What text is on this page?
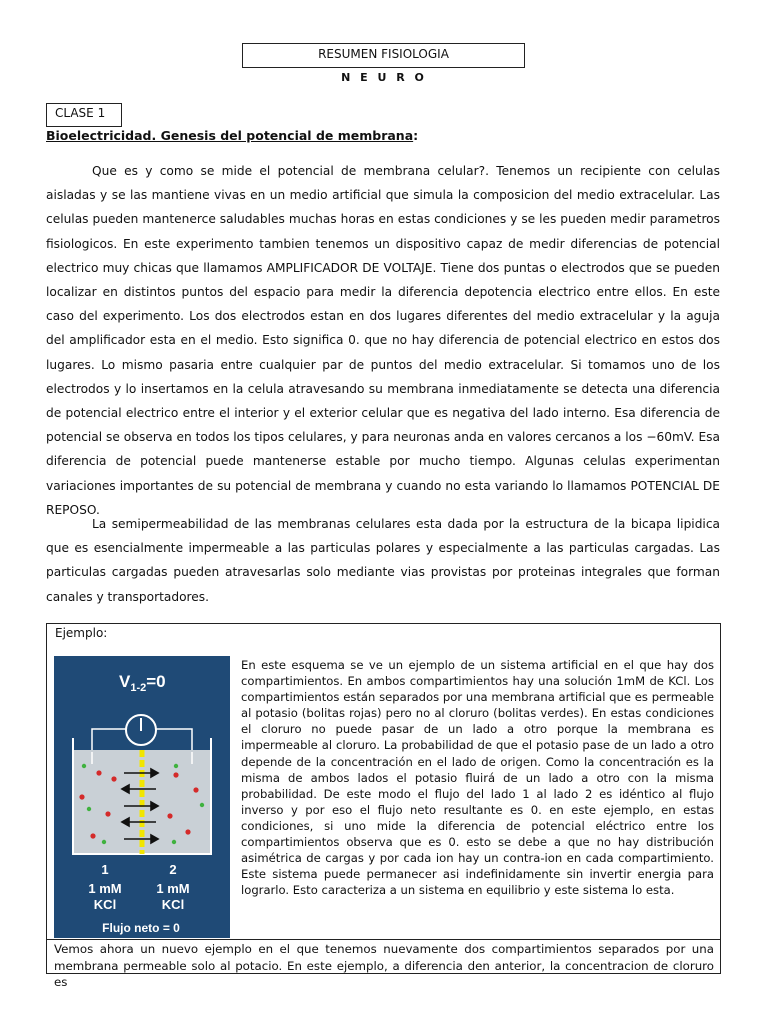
RESUMEN FISIOLOGIA
N E U R O
CLASE 1
Bioelectricidad. Genesis del potencial de membrana:

Que es y como se mide el potencial de membrana celular?. Tenemos un recipiente con celulas aisladas y se las mantiene vivas en un medio artificial que simula la composicion del medio extracelular. Las celulas pueden mantenerce saludables muchas horas en estas condiciones y se les pueden medir parametros fisiologicos. En este experimento tambien tenemos un dispositivo capaz de medir diferencias de potencial electrico muy chicas que llamamos AMPLIFICADOR DE VOLTAJE. Tiene dos puntas o electrodos que se pueden localizar en distintos puntos del espacio para medir la diferencia depotencia electrico entre ellos. En este caso del experimento. Los dos electrodos estan en dos lugares diferentes del medio extracelular y la aguja del amplificador esta en el medio. Esto significa 0. que no hay diferencia de potencial electrico en estos dos lugares. Lo mismo pasaria entre cualquier par de puntos del medio extracelular. Si tomamos uno de los electrodos y lo insertamos en la celula atravesando su membrana inmediatamente se detecta una diferencia de potencial electrico entre el interior y el exterior celular que es negativa del lado interno. Esa diferencia de potencial se observa en todos los tipos celulares, y para neuronas anda en valores cercanos a los −60mV. Esa diferencia de potencial puede mantenerse estable por mucho tiempo. Algunas celulas experimentan variaciones importantes de su potencial de membrana y cuando no esta variando lo llamamos POTENCIAL DE REPOSO.

La semipermeabilidad de las membranas celulares esta dada por la estructura de la bicapa lipidica que es esencialmente impermeable a las particulas polares y especialmente a las particulas cargadas. Las particulas cargadas pueden atravesarlas solo mediante vias provistas por proteinas integrales que forman canales y transportadores.

Ejemplo:
$V_{1-2}=0$
1	2
1 mM	1 mM
KCl	KCl
Flujo neto = 0

En este esquema se ve un ejemplo de un sistema artificial en el que hay dos compartimientos. En ambos compartimientos hay una solución 1mM de KCl. Los compartimientos están separados por una membrana artificial que es permeable al potasio (bolitas rojas) pero no al cloruro (bolitas verdes). En estas condiciones el cloruro no puede pasar de un lado a otro porque la membrana es impermeable al cloruro. La probabilidad de que el potasio pase de un lado a otro depende de la concentración en el lado de origen. Como la concentración es la misma de ambos lados el potasio fluirá de un lado a otro con la misma probabilidad. De este modo el flujo del lado 1 al lado 2 es idéntico al flujo inverso y por eso el flujo neto resultante es 0. en este ejemplo, en estas condiciones, si uno mide la diferencia de potencial eléctrico entre los compartimientos observa que es 0. esto se debe a que no hay distribución asimétrica de cargas y por cada ion hay un contra-ion en cada compartimiento. Este sistema puede permanecer asi indefinidamente sin invertir energia para lograrlo. Esto caracteriza a un sistema en equilibrio y este sistema lo esta.

Vemos ahora un nuevo ejemplo en el que tenemos nuevamente dos compartimientos separados por una membrana permeable solo al potacio. En este ejemplo, a diferencia den anterior, la concentracion de cloruro es
